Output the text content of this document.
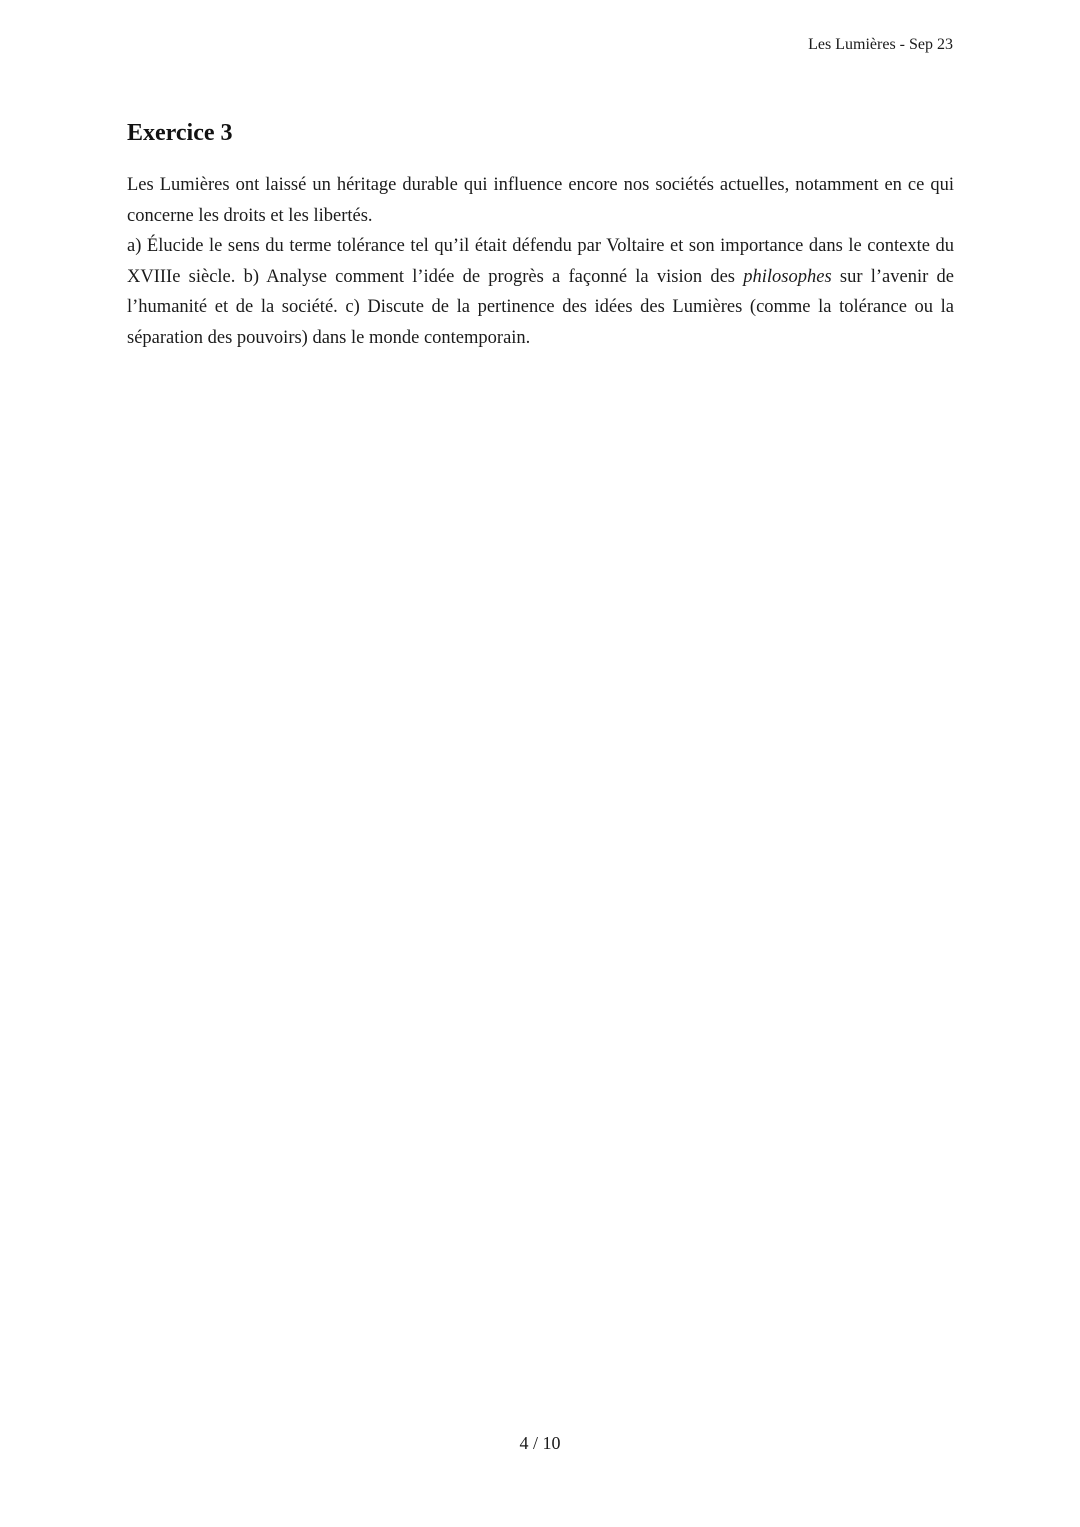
Les Lumières - Sep 23
Exercice 3

Les Lumières ont laissé un héritage durable qui influence encore nos sociétés actuelles, notamment en ce qui concerne les droits et les libertés.

a) Élucide le sens du terme tolérance tel qu’il était défendu par Voltaire et son importance dans le contexte du XVIIIe siècle. b) Analyse comment l’idée de progrès a façonné la vision des philosophes sur l’avenir de l’humanité et de la société. c) Discute de la pertinence des idées des Lumières (comme la tolérance ou la séparation des pouvoirs) dans le monde contemporain.

4 / 10
